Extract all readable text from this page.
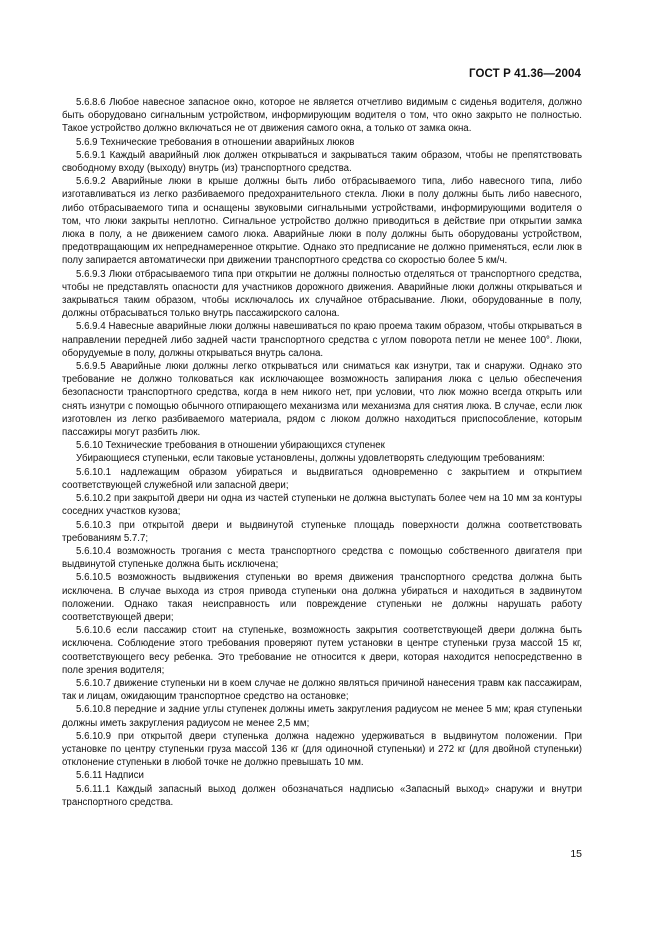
ГОСТ Р 41.36—2004

5.6.8.6 Любое навесное запасное окно, которое не является отчетливо видимым с сиденья водителя, должно быть оборудовано сигнальным устройством, информирующим водителя о том, что окно закрыто не полностью. Такое устройство должно включаться не от движения самого окна, а только от замка окна.

5.6.9 Технические требования в отношении аварийных люков

5.6.9.1 Каждый аварийный люк должен открываться и закрываться таким образом, чтобы не препятствовать свободному входу (выходу) внутрь (из) транспортного средства.

5.6.9.2 Аварийные люки в крыше должны быть либо отбрасываемого типа, либо навесного типа, либо изготавливаться из легко разбиваемого предохранительного стекла. Люки в полу должны быть либо навесного, либо отбрасываемого типа и оснащены звуковыми сигнальными устройствами, информирующими водителя о том, что люки закрыты неплотно. Сигнальное устройство должно приводиться в действие при открытии замка люка в полу, а не движением самого люка. Аварийные люки в полу должны быть оборудованы устройством, предотвращающим их непреднамеренное открытие. Однако это предписание не должно применяться, если люк в полу запирается автоматически при движении транспортного средства со скоростью более 5 км/ч.

5.6.9.3 Люки отбрасываемого типа при открытии не должны полностью отделяться от транспортного средства, чтобы не представлять опасности для участников дорожного движения. Аварийные люки должны открываться и закрываться таким образом, чтобы исключалось их случайное отбрасывание. Люки, оборудованные в полу, должны отбрасываться только внутрь пассажирского салона.

5.6.9.4 Навесные аварийные люки должны навешиваться по краю проема таким образом, чтобы открываться в направлении передней либо задней части транспортного средства с углом поворота петли не менее 100°. Люки, оборудуемые в полу, должны открываться внутрь салона.

5.6.9.5 Аварийные люки должны легко открываться или сниматься как изнутри, так и снаружи. Однако это требование не должно толковаться как исключающее возможность запирания люка с целью обеспечения безопасности транспортного средства, когда в нем никого нет, при условии, что люк можно всегда открыть или снять изнутри с помощью обычного отпирающего механизма или механизма для снятия люка. В случае, если люк изготовлен из легко разбиваемого материала, рядом с люком должно находиться приспособление, которым пассажиры могут разбить люк.

5.6.10 Технические требования в отношении убирающихся ступенек

Убирающиеся ступеньки, если таковые установлены, должны удовлетворять следующим требованиям:

5.6.10.1 надлежащим образом убираться и выдвигаться одновременно с закрытием и открытием соответствующей служебной или запасной двери;

5.6.10.2 при закрытой двери ни одна из частей ступеньки не должна выступать более чем на 10 мм за контуры соседних участков кузова;

5.6.10.3 при открытой двери и выдвинутой ступеньке площадь поверхности должна соответствовать требованиям 5.7.7;

5.6.10.4 возможность трогания с места транспортного средства с помощью собственного двигателя при выдвинутой ступеньке должна быть исключена;

5.6.10.5 возможность выдвижения ступеньки во время движения транспортного средства должна быть исключена. В случае выхода из строя привода ступеньки она должна убираться и находиться в задвинутом положении. Однако такая неисправность или повреждение ступеньки не должны нарушать работу соответствующей двери;

5.6.10.6 если пассажир стоит на ступеньке, возможность закрытия соответствующей двери должна быть исключена. Соблюдение этого требования проверяют путем установки в центре ступеньки груза массой 15 кг, соответствующего весу ребенка. Это требование не относится к двери, которая находится непосредственно в поле зрения водителя;

5.6.10.7 движение ступеньки ни в коем случае не должно являться причиной нанесения травм как пассажирам, так и лицам, ожидающим транспортное средство на остановке;

5.6.10.8 передние и задние углы ступенек должны иметь закругления радиусом не менее 5 мм; края ступеньки должны иметь закругления радиусом не менее 2,5 мм;

5.6.10.9 при открытой двери ступенька должна надежно удерживаться в выдвинутом положении. При установке по центру ступеньки груза массой 136 кг (для одиночной ступеньки) и 272 кг (для двойной ступеньки) отклонение ступеньки в любой точке не должно превышать 10 мм.

5.6.11 Надписи

5.6.11.1 Каждый запасный выход должен обозначаться надписью «Запасный выход» снаружи и внутри транспортного средства.

15
